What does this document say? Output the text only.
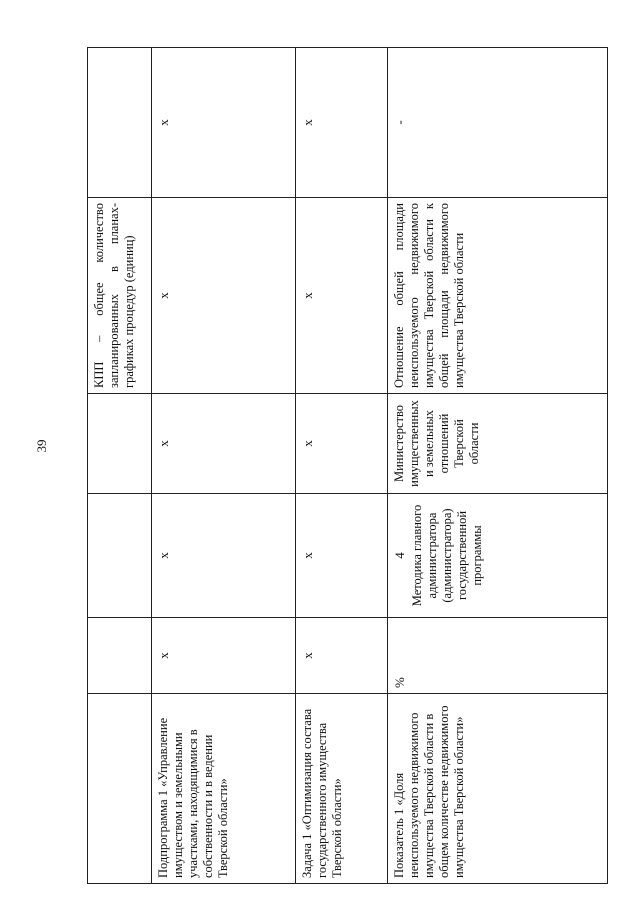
39
				КПП – общее количество запланированных в планах-графиках процедур (единиц)	
Подпрограмма 1 «Управление имуществом и земельными участками, находящимися в собственности и в ведении Тверской области»	х	х	х	х	х
Задача 1 «Оптимизация состава государственного имущества Тверской области»	х	х	х	х	х
Показатель 1 «Доля неиспользуемого недвижимого имущества Тверской области в общем количестве недвижимого имущества Тверской области»	%	4 Методика главного администратора (администратора) государственной программы	Министерство имущественных и земельных отношений Тверской области	Отношение общей площади неиспользуемого недвижимого имущества Тверской области к общей площади недвижимого имущества Тверской области	-
